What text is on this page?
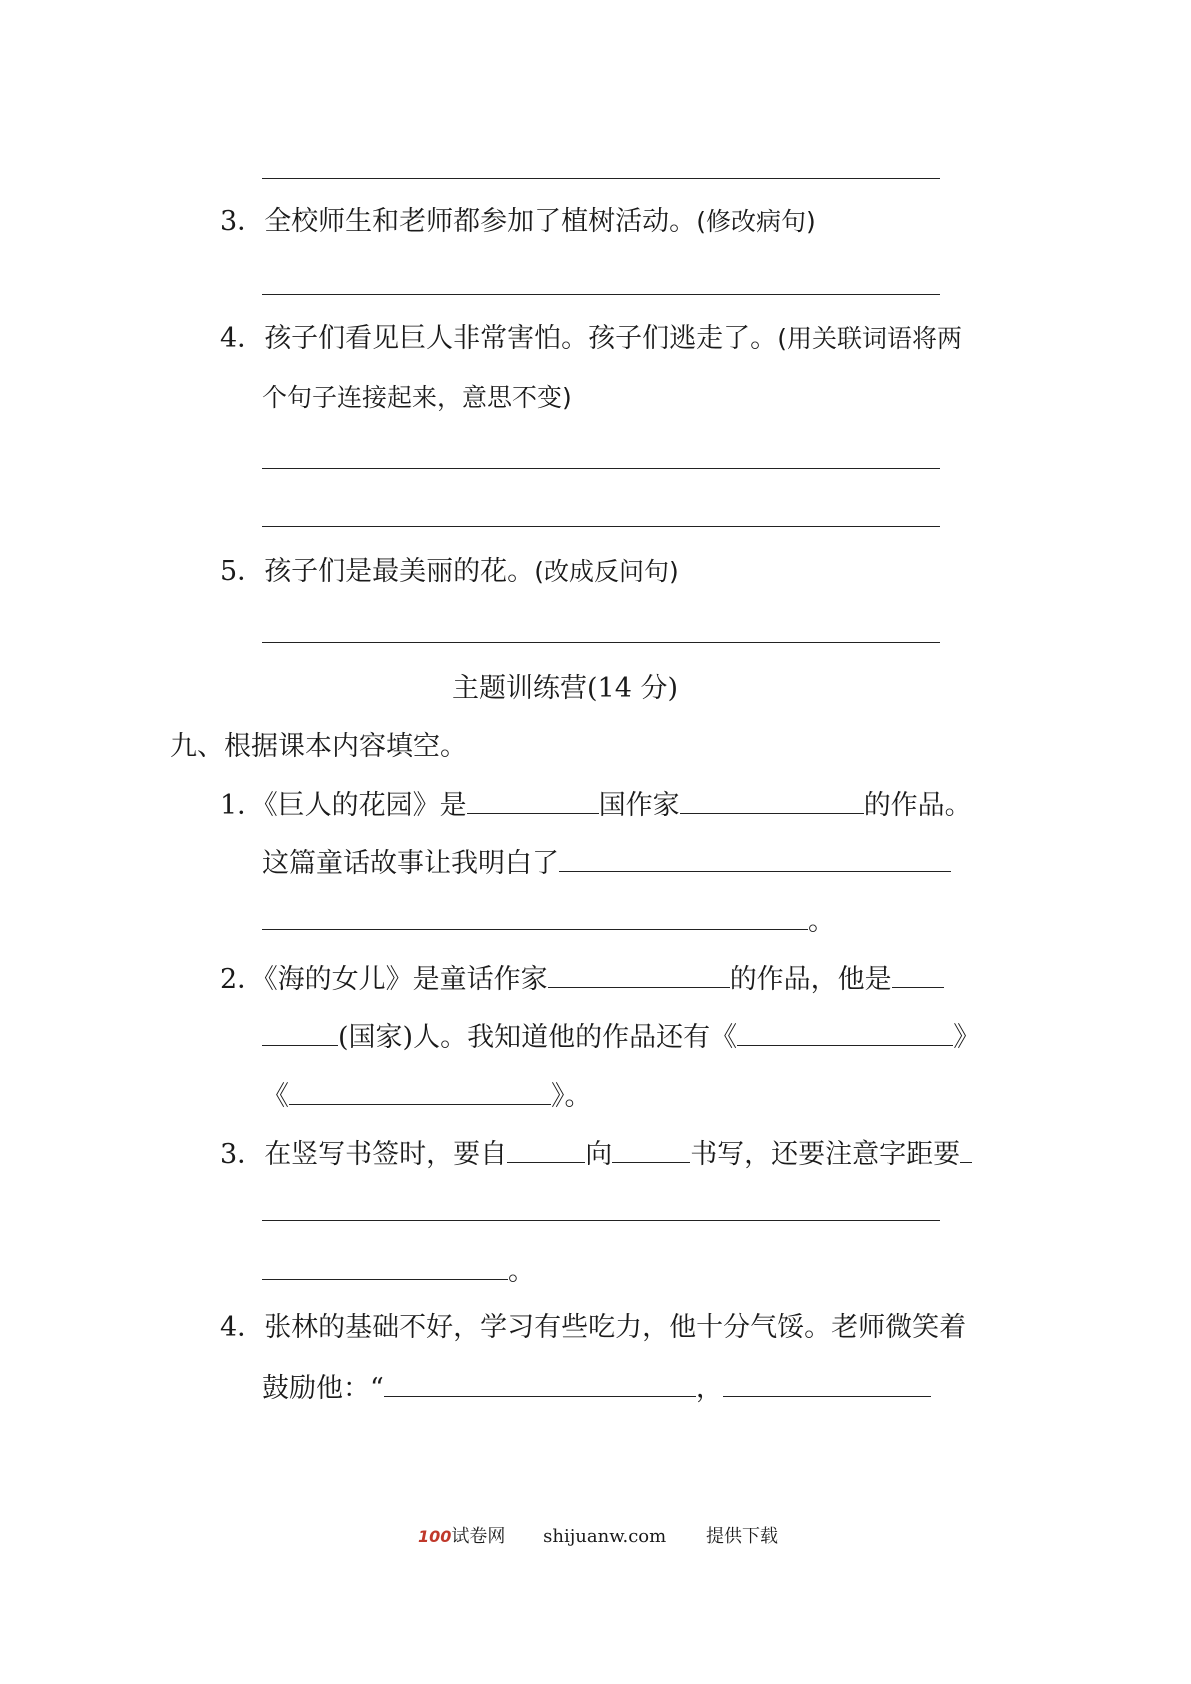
3．全校师生和老师都参加了植树活动。(修改病句)
4．孩子们看见巨人非常害怕。孩子们逃走了。(用关联词语将两
个句子连接起来，意思不变)
5．孩子们是最美丽的花。(改成反问句)
主题训练营(14 分)
九、根据课本内容填空。
1．《巨人的花园》是	国作家	的作品。
这篇童话故事让我明白了
。
2．《海的女儿》是童话作家	的作品，他是
(国家)人。我知道他的作品还有《	》
《	》。
3．在竖写书签时，要自	向	书写，还要注意字距要
。
4．张林的基础不好，学习有些吃力，他十分气馁。老师微笑着
鼓励他：“	，
100试卷网 shijuanw.com 提供下载
